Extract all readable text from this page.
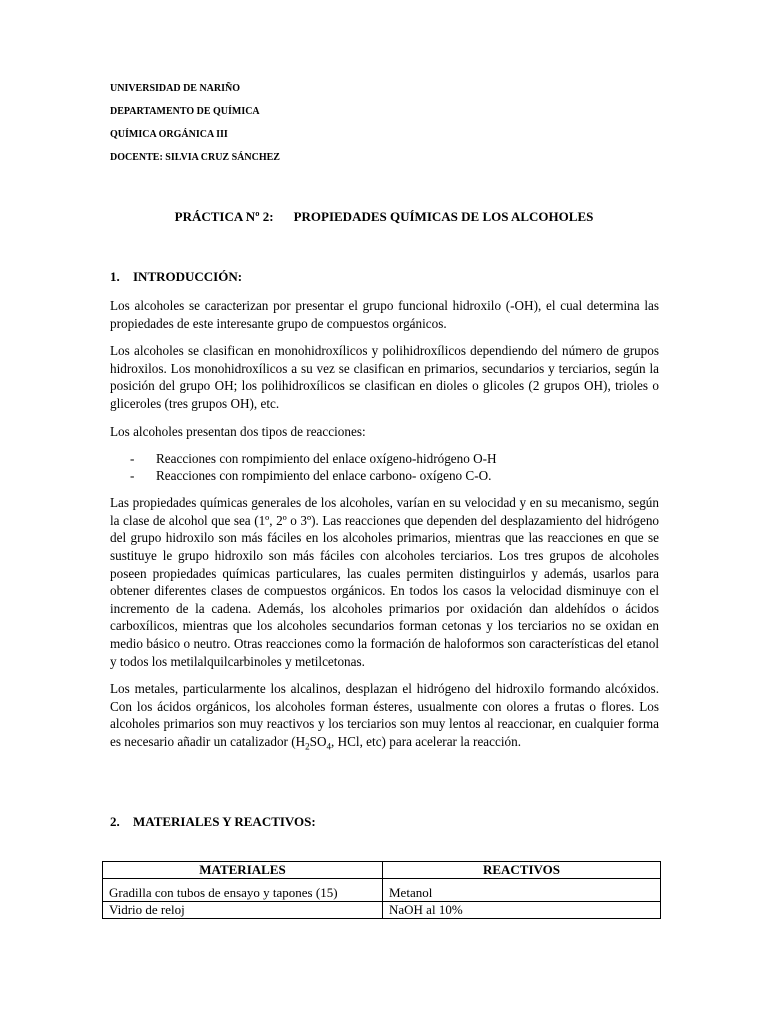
UNIVERSIDAD DE NARIÑO
DEPARTAMENTO DE QUÍMICA
QUÍMICA ORGÁNICA III
DOCENTE: SILVIA CRUZ SÁNCHEZ
PRÁCTICA Nº 2: PROPIEDADES QUÍMICAS DE LOS ALCOHOLES
1. INTRODUCCIÓN:

Los alcoholes se caracterizan por presentar el grupo funcional hidroxilo (-OH), el cual determina las propiedades de este interesante grupo de compuestos orgánicos.

Los alcoholes se clasifican en monohidroxílicos y polihidroxílicos dependiendo del número de grupos hidroxilos. Los monohidroxílicos a su vez se clasifican en primarios, secundarios y terciarios, según la posición del grupo OH; los polihidroxílicos se clasifican en dioles o glicoles (2 grupos OH), trioles o gliceroles (tres grupos OH), etc.

Los alcoholes presentan dos tipos de reacciones:

- Reacciones con rompimiento del enlace oxígeno-hidrógeno O-H
- Reacciones con rompimiento del enlace carbono- oxígeno C-O.

Las propiedades químicas generales de los alcoholes, varían en su velocidad y en su mecanismo, según la clase de alcohol que sea (1º, 2º o 3º). Las reacciones que dependen del desplazamiento del hidrógeno del grupo hidroxilo son más fáciles en los alcoholes primarios, mientras que las reacciones en que se sustituye le grupo hidroxilo son más fáciles con alcoholes terciarios. Los tres grupos de alcoholes poseen propiedades químicas particulares, las cuales permiten distinguirlos y además, usarlos para obtener diferentes clases de compuestos orgánicos. En todos los casos la velocidad disminuye con el incremento de la cadena. Además, los alcoholes primarios por oxidación dan aldehídos o ácidos carboxílicos, mientras que los alcoholes secundarios forman cetonas y los terciarios no se oxidan en medio básico o neutro. Otras reacciones como la formación de haloformos son características del etanol y todos los metilalquilcarbinoles y metilcetonas.

Los metales, particularmente los alcalinos, desplazan el hidrógeno del hidroxilo formando alcóxidos. Con los ácidos orgánicos, los alcoholes forman ésteres, usualmente con olores a frutas o flores. Los alcoholes primarios son muy reactivos y los terciarios son muy lentos al reaccionar, en cualquier forma es necesario añadir un catalizador ($H_2SO_4$, HCl, etc) para acelerar la reacción.

2. MATERIALES Y REACTIVOS:
MATERIALES	REACTIVOS
Gradilla con tubos de ensayo y tapones (15)	Metanol
Vidrio de reloj	NaOH al 10%
